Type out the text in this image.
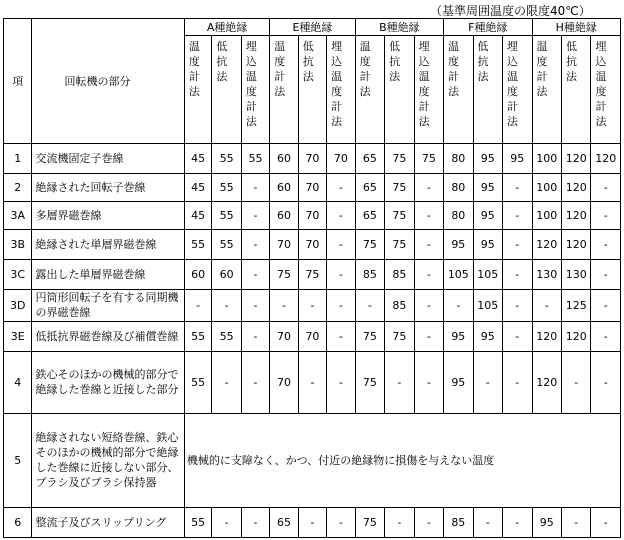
（基準周囲温度の限度40℃）
項	回転機の部分	A種絶縁			E種絶縁			B種絶縁			F種絶縁			H種絶縁		

		温度計法	低抗法	埋込温度計法	温度計法	低抗法	埋込温度計法	温度計法	低抗法	埋込温度計法	温度計法	低抗法	埋込温度計法	温度計法	低抗法	埋込温度計法

1	交流機固定子巻線	45	55	55	60	70	70	65	75	75	80	95	95	100	120	120
2	絶縁された回転子巻線	45	55	-	60	70	-	65	75	-	80	95	-	100	120	-
3A	多層界磁巻線	45	55	-	60	70	-	65	75	-	80	95	-	100	120	-
3B	絶縁された単層界磁巻線	55	55	-	70	70	-	75	75	-	95	95	-	120	120	-
3C	露出した単層界磁巻線	60	60	-	75	75	-	85	85	-	105	105	-	130	130	-
3D	円筒形回転子を有する同期機の界磁巻線	-	-	-	-	-	-	-	85	-	-	105	-	-	125	-
3E	低抵抗界磁巻線及び補償巻線	55	55	-	70	70	-	75	75	-	95	95	-	120	120	-
4	鉄心そのほかの機械的部分で絶縁した巻線と近接した部分	55	-	-	70	-	-	75	-	-	95	-	-	120	-	-
5	絶縁されない短絡巻線、鉄心そのほかの機械的部分で絶縁した巻線に近接しない部分、ブラシ及びブラシ保持器	機械的に支障なく、かつ、付近の絶縁物に損傷を与えない温度														
6	整流子及びスリップリング	55	-	-	65	-	-	75	-	-	85	-	-	95	-	-
